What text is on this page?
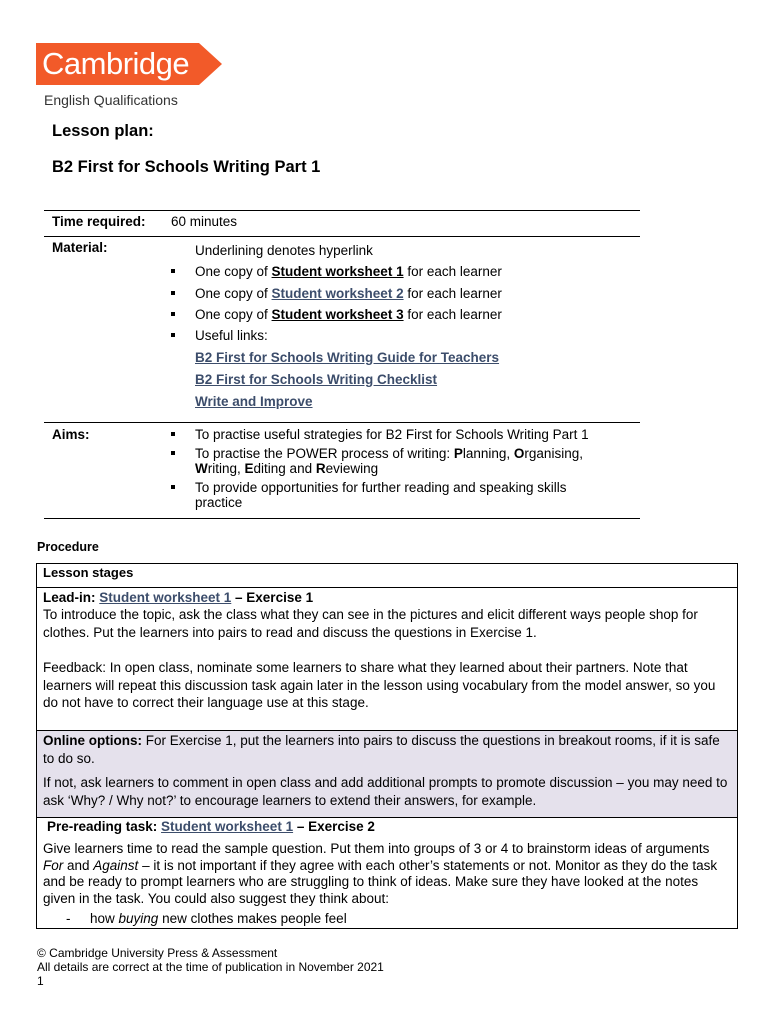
Cambridge
English Qualifications
Lesson plan:
B2 First for Schools Writing Part 1
Time required: 60 minutes
Material:	Underlining denotes hyperlink
One copy of Student worksheet 1 for each learner
One copy of Student worksheet 2 for each learner
One copy of Student worksheet 3 for each learner
Useful links:
B2 First for Schools Writing Guide for Teachers
B2 First for Schools Writing Checklist
Write and Improve
Aims:	To practise useful strategies for B2 First for Schools Writing Part 1
To practise the POWER process of writing: Planning, Organising,
Writing, Editing and Reviewing
To provide opportunities for further reading and speaking skills
practice
Procedure
Lesson stages
Lead-in: Student worksheet 1 – Exercise 1
To introduce the topic, ask the class what they can see in the pictures and elicit different ways people shop for clothes. Put the learners into pairs to read and discuss the questions in Exercise 1.
Feedback: In open class, nominate some learners to share what they learned about their partners. Note that learners will repeat this discussion task again later in the lesson using vocabulary from the model answer, so you do not have to correct their language use at this stage.
Online options: For Exercise 1, put the learners into pairs to discuss the questions in breakout rooms, if it is safe to do so.
If not, ask learners to comment in open class and add additional prompts to promote discussion – you may need to ask ‘Why? / Why not?’ to encourage learners to extend their answers, for example.
Pre-reading task: Student worksheet 1 – Exercise 2
Give learners time to read the sample question. Put them into groups of 3 or 4 to brainstorm ideas of arguments For and Against – it is not important if they agree with each other’s statements or not. Monitor as they do the task and be ready to prompt learners who are struggling to think of ideas. Make sure they have looked at the notes given in the task. You could also suggest they think about:
- how buying new clothes makes people feel
© Cambridge University Press & Assessment
All details are correct at the time of publication in November 2021
1
